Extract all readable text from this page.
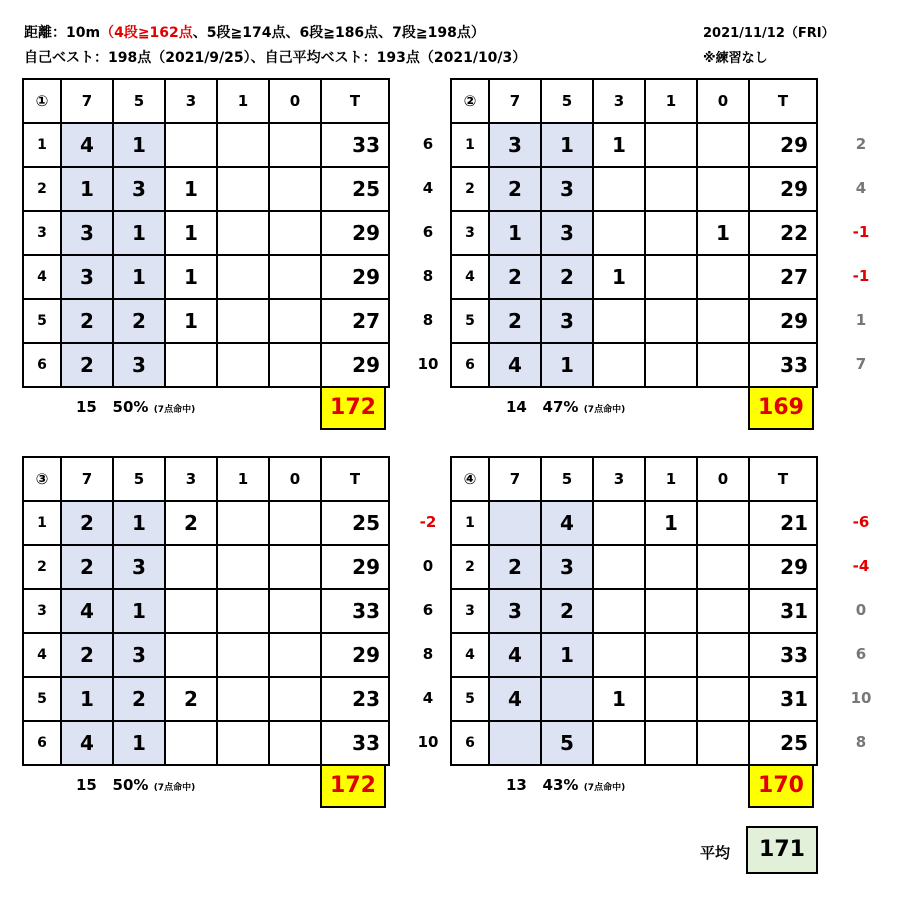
距離：10m（4段≧162点、5段≧174点、6段≧186点、7段≧198点）
自己ベスト：198点（2021/9/25）、自己平均ベスト：193点（2021/10/3）
2021/11/12（FRI）
※練習なし
①	7	5	3	1	0	T
1	4	1				33
2	1	3	1			25
3	3	1	1			29
4	3	1	1			29
5	2	2	1			27
6	2	3				29
15 50% (7点命中)	172
6
4
6
8
8
10
②	7	5	3	1	0	T
1	3	1	1			29
2	2	3				29
3	1	3			1	22
4	2	2	1			27
5	2	3				29
6	4	1				33
14 47% (7点命中)	169
2
4
-1
-1
1
7
③	7	5	3	1	0	T
1	2	1	2			25
2	2	3				29
3	4	1				33
4	2	3				29
5	1	2	2			23
6	4	1				33
15 50% (7点命中)	172
-2
0
6
8
4
10
④	7	5	3	1	0	T
1		4		1		21
2	2	3				29
3	3	2				31
4	4	1				33
5	4		1			31
6		5				25
13 43% (7点命中)	170
-6
-4
0
6
10
8
平均	171
